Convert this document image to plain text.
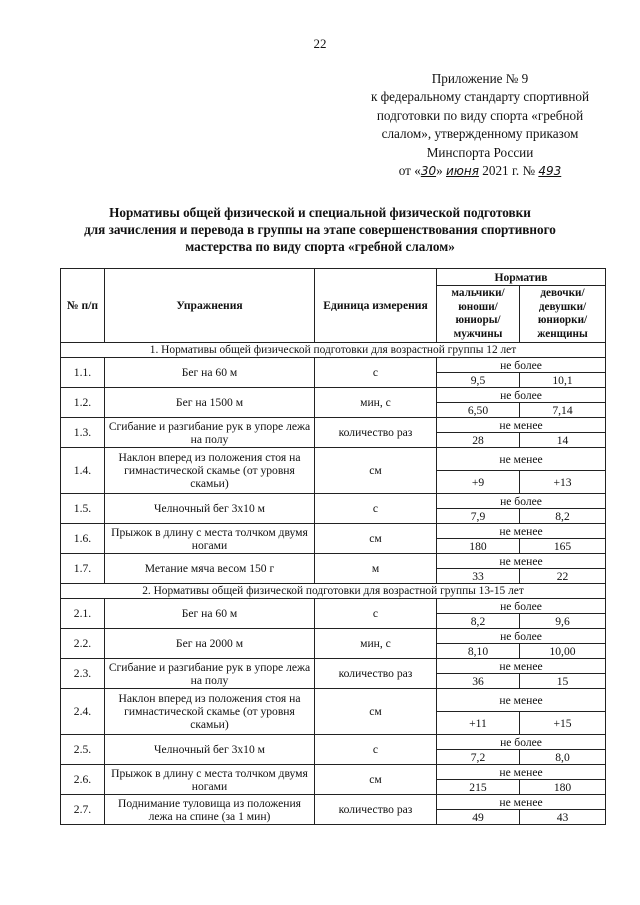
22
Приложение № 9
к федеральному стандарту спортивной
подготовки по виду спорта «гребной
слалом», утвержденному приказом
Минспорта России
от «30» июня 2021 г. № 493
Нормативы общей физической и специальной физической подготовки
для зачисления и перевода в группы на этапе совершенствования спортивного
мастерства по виду спорта «гребной слалом»
№ п/п	Упражнения	Единица измерения	Норматив	
			мальчики/ юноши/ юниоры/ мужчины	девочки/ девушки/ юниорки/ женщины
1. Нормативы общей физической подготовки для возрастной группы 12 лет				
1.1.	Бег на 60 м	с	не более	
			9,5	10,1
1.2.	Бег на 1500 м	мин, с	не более	
			6,50	7,14
1.3.	Сгибание и разгибание рук в упоре лежа на полу	количество раз	не менее	
			28	14
1.4.	Наклон вперед из положения стоя на гимнастической скамье (от уровня скамьи)	см	не менее	
			+9	+13
1.5.	Челночный бег 3х10 м	с	не более	
			7,9	8,2
1.6.	Прыжок в длину с места толчком двумя ногами	см	не менее	
			180	165
1.7.	Метание мяча весом 150 г	м	не менее	
			33	22
2. Нормативы общей физической подготовки для возрастной группы 13-15 лет				
2.1.	Бег на 60 м	с	не более	
			8,2	9,6
2.2.	Бег на 2000 м	мин, с	не более	
			8,10	10,00
2.3.	Сгибание и разгибание рук в упоре лежа на полу	количество раз	не менее	
			36	15
2.4.	Наклон вперед из положения стоя на гимнастической скамье (от уровня скамьи)	см	не менее	
			+11	+15
2.5.	Челночный бег 3х10 м	с	не более	
			7,2	8,0
2.6.	Прыжок в длину с места толчком двумя ногами	см	не менее	
			215	180
2.7.	Поднимание туловища из положения лежа на спине (за 1 мин)	количество раз	не менее	
			49	43
